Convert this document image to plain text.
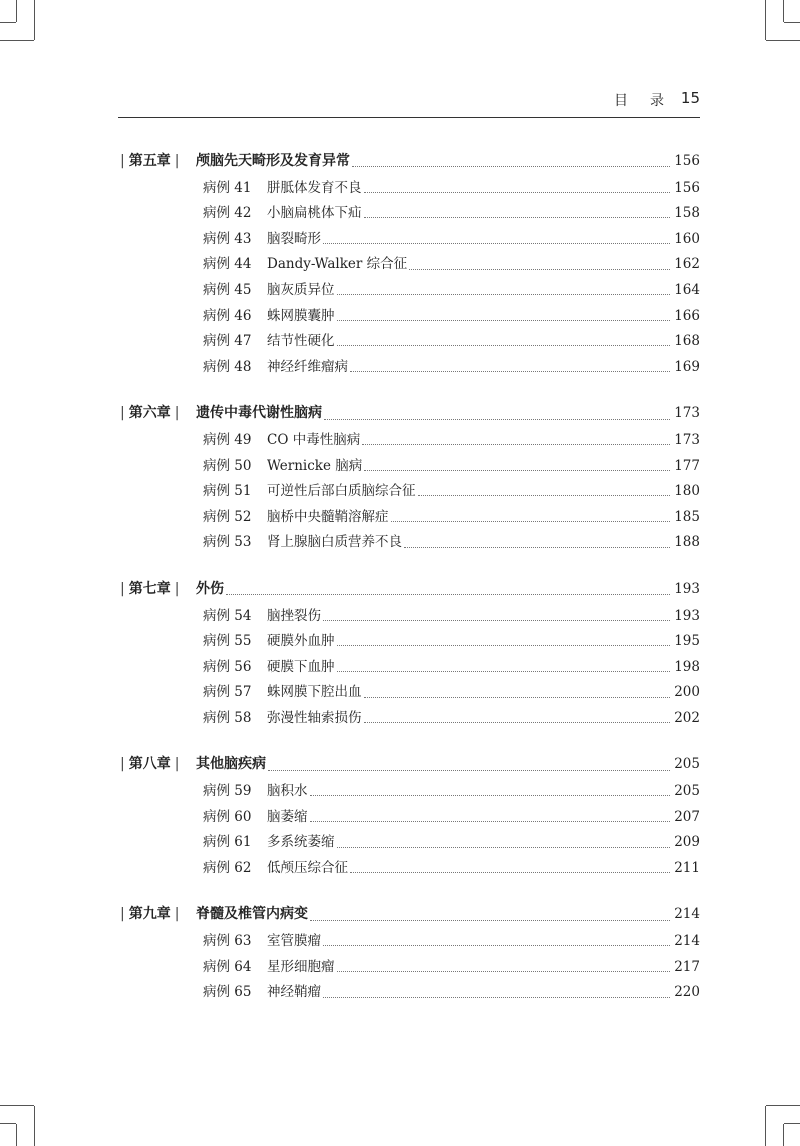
目 录 15
| 第五章 |	颅脑先天畸形及发育异常	156
病例 41	胼胝体发育不良	156
病例 42	小脑扁桃体下疝	158
病例 43	脑裂畸形	160
病例 44	Dandy-Walker 综合征	162
病例 45	脑灰质异位	164
病例 46	蛛网膜囊肿	166
病例 47	结节性硬化	168
病例 48	神经纤维瘤病	169
| 第六章 |	遗传中毒代谢性脑病	173
病例 49	CO 中毒性脑病	173
病例 50	Wernicke 脑病	177
病例 51	可逆性后部白质脑综合征	180
病例 52	脑桥中央髓鞘溶解症	185
病例 53	肾上腺脑白质营养不良	188
| 第七章 |	外伤	193
病例 54	脑挫裂伤	193
病例 55	硬膜外血肿	195
病例 56	硬膜下血肿	198
病例 57	蛛网膜下腔出血	200
病例 58	弥漫性轴索损伤	202
| 第八章 |	其他脑疾病	205
病例 59	脑积水	205
病例 60	脑萎缩	207
病例 61	多系统萎缩	209
病例 62	低颅压综合征	211
| 第九章 |	脊髓及椎管内病变	214
病例 63	室管膜瘤	214
病例 64	星形细胞瘤	217
病例 65	神经鞘瘤	220
